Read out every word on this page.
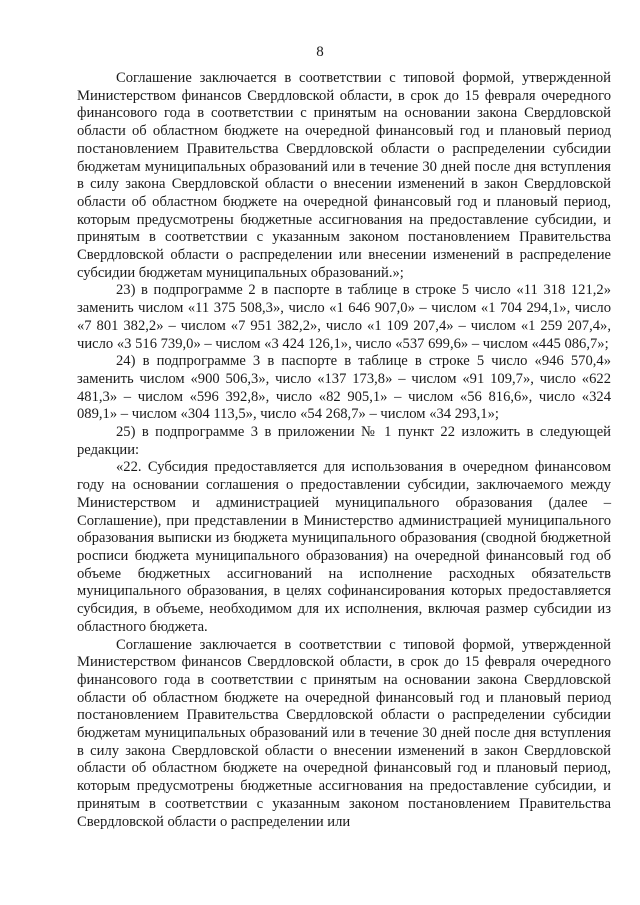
8

Соглашение заключается в соответствии с типовой формой, утвержденной Министерством финансов Свердловской области, в срок до 15 февраля очередного финансового года в соответствии с принятым на основании закона Свердловской области об областном бюджете на очередной финансовый год и плановый период постановлением Правительства Свердловской области о распределении субсидии бюджетам муниципальных образований или в течение 30 дней после дня вступления в силу закона Свердловской области о внесении изменений в закон Свердловской области об областном бюджете на очередной финансовый год и плановый период, которым предусмотрены бюджетные ассигнования на предоставление субсидии, и принятым в соответствии с указанным законом постановлением Правительства Свердловской области о распределении или внесении изменений в распределение субсидии бюджетам муниципальных образований.»;

23) в подпрограмме 2 в паспорте в таблице в строке 5 число «11 318 121,2» заменить числом «11 375 508,3», число «1 646 907,0» – числом «1 704 294,1», число «7 801 382,2» – числом «7 951 382,2», число «1 109 207,4» – числом «1 259 207,4», число «3 516 739,0» – числом «3 424 126,1», число «537 699,6» – числом «445 086,7»;

24) в подпрограмме 3 в паспорте в таблице в строке 5 число «946 570,4» заменить числом «900 506,3», число «137 173,8» – числом «91 109,7», число «622 481,3» – числом «596 392,8», число «82 905,1» – числом «56 816,6», число «324 089,1» – числом «304 113,5», число «54 268,7» – числом «34 293,1»;

25) в подпрограмме 3 в приложении № 1 пункт 22 изложить в следующей редакции:

«22. Субсидия предоставляется для использования в очередном финансовом году на основании соглашения о предоставлении субсидии, заключаемого между Министерством и администрацией муниципального образования (далее – Соглашение), при представлении в Министерство администрацией муниципального образования выписки из бюджета муниципального образования (сводной бюджетной росписи бюджета муниципального образования) на очередной финансовый год об объеме бюджетных ассигнований на исполнение расходных обязательств муниципального образования, в целях софинансирования которых предоставляется субсидия, в объеме, необходимом для их исполнения, включая размер субсидии из областного бюджета.

Соглашение заключается в соответствии с типовой формой, утвержденной Министерством финансов Свердловской области, в срок до 15 февраля очередного финансового года в соответствии с принятым на основании закона Свердловской области об областном бюджете на очередной финансовый год и плановый период постановлением Правительства Свердловской области о распределении субсидии бюджетам муниципальных образований или в течение 30 дней после дня вступления в силу закона Свердловской области о внесении изменений в закон Свердловской области об областном бюджете на очередной финансовый год и плановый период, которым предусмотрены бюджетные ассигнования на предоставление субсидии, и принятым в соответствии с указанным законом постановлением Правительства Свердловской области о распределении или
